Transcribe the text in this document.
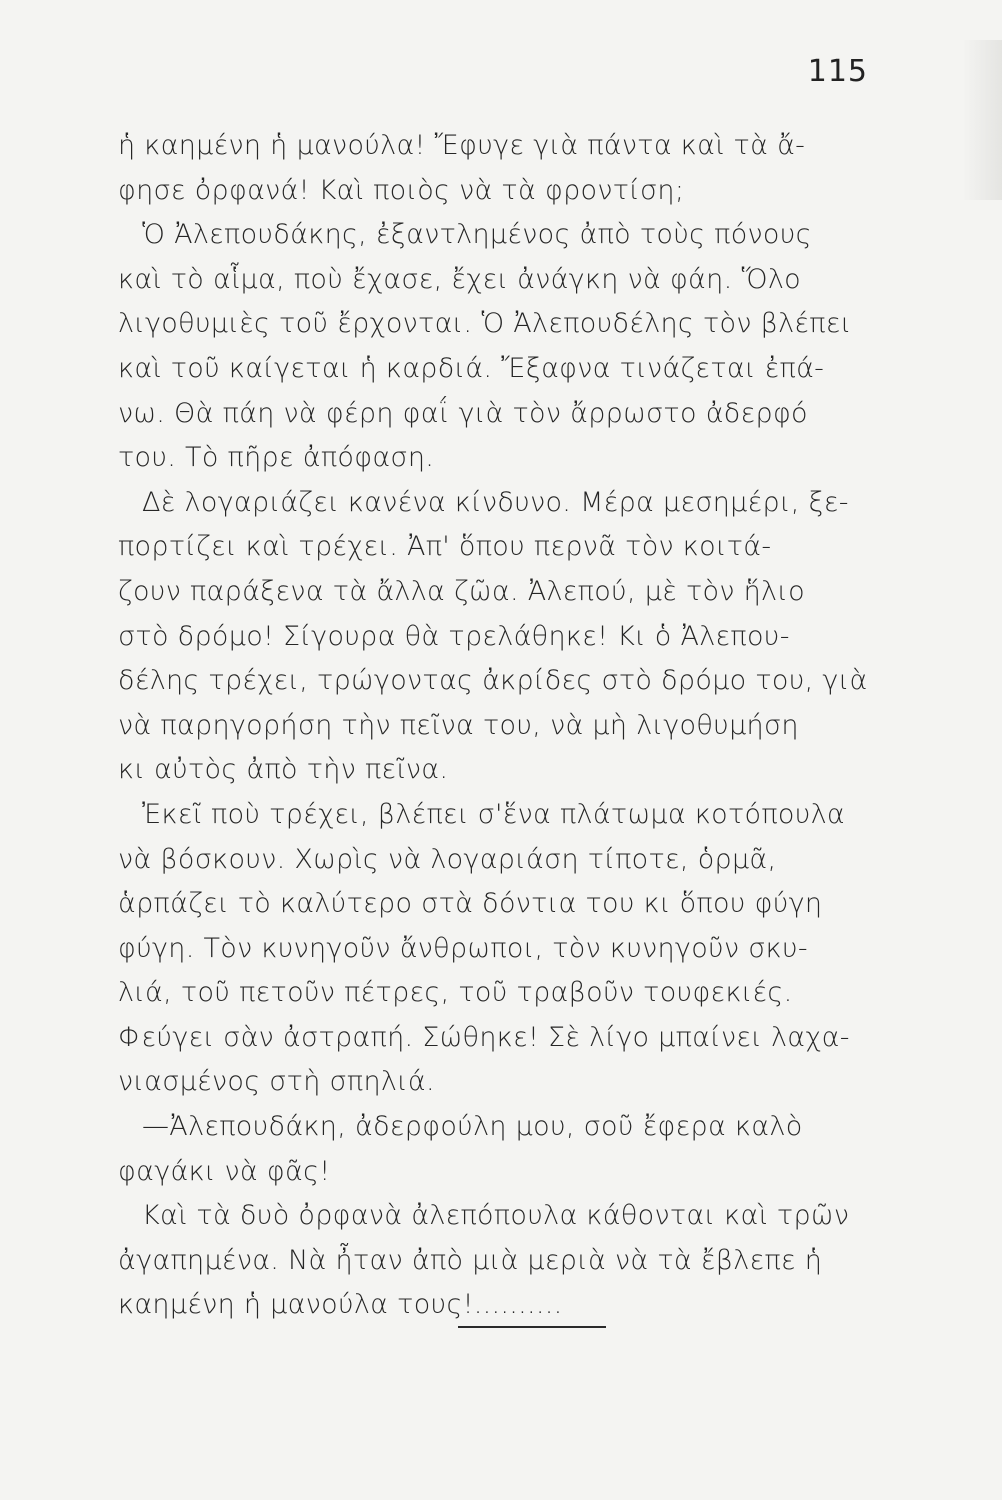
115
ἡ καημένη ἡ μανούλα! Ἔφυγε γιὰ πάντα καὶ τὰ ἄ-
φησε ὀρφανά! Καὶ ποιὸς νὰ τὰ φροντίση;
Ὁ Ἀλεπουδάκης, ἐξαντλημένος ἀπὸ τοὺς πόνους
καὶ τὸ αἷμα, ποὺ ἔχασε, ἔχει ἀνάγκη νὰ φάη. Ὅλο
λιγοθυμιὲς τοῦ ἔρχονται. Ὁ Ἀλεπουδέλης τὸν βλέπει
καὶ τοῦ καίγεται ἡ καρδιά. Ἔξαφνα τινάζεται ἐπά-
νω. Θὰ πάη νὰ φέρη φαΐ γιὰ τὸν ἄρρωστο ἀδερφό
του. Τὸ πῆρε ἀπόφαση.
Δὲ λογαριάζει κανένα κίνδυνο. Μέρα μεσημέρι, ξε-
πορτίζει καὶ τρέχει. Ἀπ' ὅπου περνᾶ τὸν κοιτά-
ζουν παράξενα τὰ ἄλλα ζῶα. Ἀλεπού, μὲ τὸν ἥλιο
στὸ δρόμο! Σίγουρα θὰ τρελάθηκε! Κι ὁ Ἀλεπου-
δέλης τρέχει, τρώγοντας ἀκρίδες στὸ δρόμο του, γιὰ
νὰ παρηγορήση τὴν πεῖνα του, νὰ μὴ λιγοθυμήση
κι αὐτὸς ἀπὸ τὴν πεῖνα.
Ἐκεῖ ποὺ τρέχει, βλέπει σ'ἕνα πλάτωμα κοτόπουλα
νὰ βόσκουν. Χωρὶς νὰ λογαριάση τίποτε, ὁρμᾶ,
ἁρπάζει τὸ καλύτερο στὰ δόντια του κι ὅπου φύγη
φύγη. Τὸν κυνηγοῦν ἄνθρωποι, τὸν κυνηγοῦν σκυ-
λιά, τοῦ πετοῦν πέτρες, τοῦ τραβοῦν τουφεκιές.
Φεύγει σὰν ἀστραπή. Σώθηκε! Σὲ λίγο μπαίνει λαχα-
νιασμένος στὴ σπηλιά.
—Ἀλεπουδάκη, ἀδερφούλη μου, σοῦ ἔφερα καλὸ
φαγάκι νὰ φᾶς!
Καὶ τὰ δυὸ ὀρφανὰ ἀλεπόπουλα κάθονται καὶ τρῶν
ἀγαπημένα. Νὰ ἦταν ἀπὸ μιὰ μεριὰ νὰ τὰ ἔβλεπε ἡ
καημένη ἡ μανούλα τους!..........
